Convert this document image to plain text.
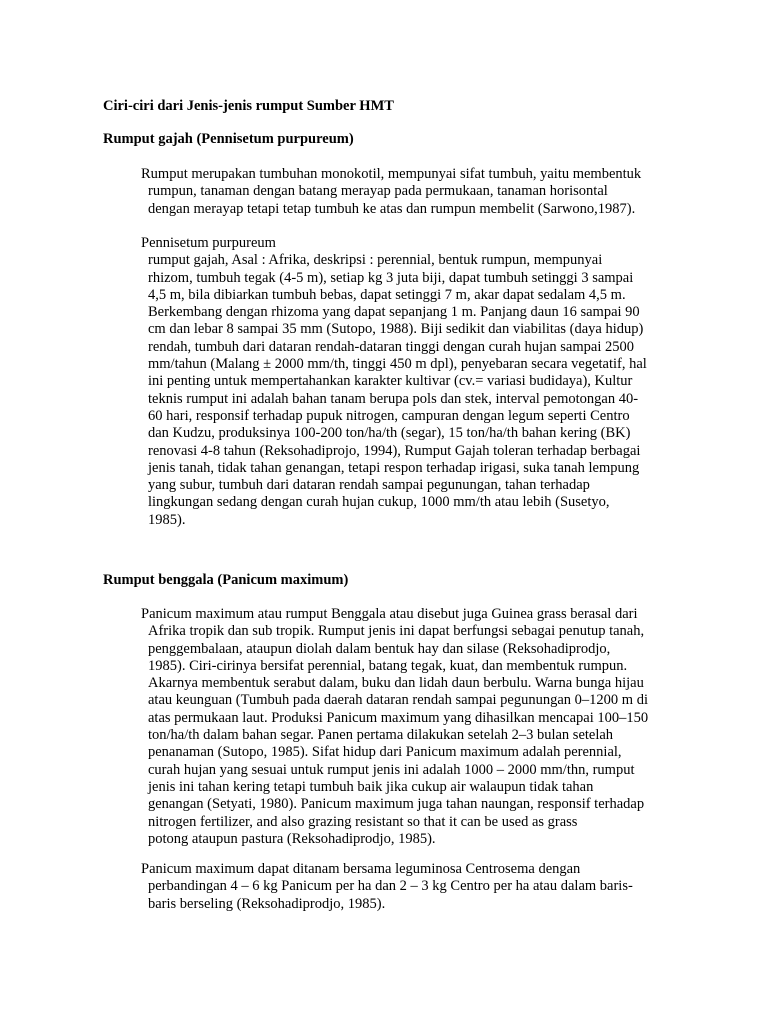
Ciri-ciri dari Jenis-jenis rumput Sumber HMT
Rumput gajah (Pennisetum purpureum)

Rumput merupakan tumbuhan monokotil, mempunyai sifat tumbuh, yaitu membentuk
rumpun, tanaman dengan batang merayap pada permukaan, tanaman horisontal
dengan merayap tetapi tetap tumbuh ke atas dan rumpun membelit (Sarwono,1987).

Pennisetum purpureum
rumput gajah, Asal : Afrika, deskripsi : perennial, bentuk rumpun, mempunyai
rhizom, tumbuh tegak (4-5 m), setiap kg 3 juta biji, dapat tumbuh setinggi 3 sampai
4,5 m, bila dibiarkan tumbuh bebas, dapat setinggi 7 m, akar dapat sedalam 4,5 m.
Berkembang dengan rhizoma yang dapat sepanjang 1 m. Panjang daun 16 sampai 90
cm dan lebar 8 sampai 35 mm (Sutopo, 1988). Biji sedikit dan viabilitas (daya hidup)
rendah, tumbuh dari dataran rendah-dataran tinggi dengan curah hujan sampai 2500
mm/tahun (Malang ± 2000 mm/th, tinggi 450 m dpl), penyebaran secara vegetatif, hal
ini penting untuk mempertahankan karakter kultivar (cv.= variasi budidaya), Kultur
teknis rumput ini adalah bahan tanam berupa pols dan stek, interval pemotongan 40-
60 hari, responsif terhadap pupuk nitrogen, campuran dengan legum seperti Centro
dan Kudzu, produksinya 100-200 ton/ha/th (segar), 15 ton/ha/th bahan kering (BK)
renovasi 4-8 tahun (Reksohadiprojo, 1994), Rumput Gajah toleran terhadap berbagai
jenis tanah, tidak tahan genangan, tetapi respon terhadap irigasi, suka tanah lempung
yang subur, tumbuh dari dataran rendah sampai pegunungan, tahan terhadap
lingkungan sedang dengan curah hujan cukup, 1000 mm/th atau lebih (Susetyo,
1985).

Rumput benggala (Panicum maximum)

Panicum maximum atau rumput Benggala atau disebut juga Guinea grass berasal dari
Afrika tropik dan sub tropik. Rumput jenis ini dapat berfungsi sebagai penutup tanah,
penggembalaan, ataupun diolah dalam bentuk hay dan silase (Reksohadiprodjo,
1985). Ciri-cirinya bersifat perennial, batang tegak, kuat, dan membentuk rumpun.
Akarnya membentuk serabut dalam, buku dan lidah daun berbulu. Warna bunga hijau
atau keunguan (Tumbuh pada daerah dataran rendah sampai pegunungan 0–1200 m di
atas permukaan laut. Produksi Panicum maximum yang dihasilkan mencapai 100–150
ton/ha/th dalam bahan segar. Panen pertama dilakukan setelah 2–3 bulan setelah
penanaman (Sutopo, 1985). Sifat hidup dari Panicum maximum adalah perennial,
curah hujan yang sesuai untuk rumput jenis ini adalah 1000 – 2000 mm/thn, rumput
jenis ini tahan kering tetapi tumbuh baik jika cukup air walaupun tidak tahan
genangan (Setyati, 1980). Panicum maximum juga tahan naungan, responsif terhadap
nitrogen fertilizer, and also grazing resistant so that it can be used as grass
potong ataupun pastura (Reksohadiprodjo, 1985).

Panicum maximum dapat ditanam bersama leguminosa Centrosema dengan
perbandingan 4 – 6 kg Panicum per ha dan 2 – 3 kg Centro per ha atau dalam baris-
baris berseling (Reksohadiprodjo, 1985).
